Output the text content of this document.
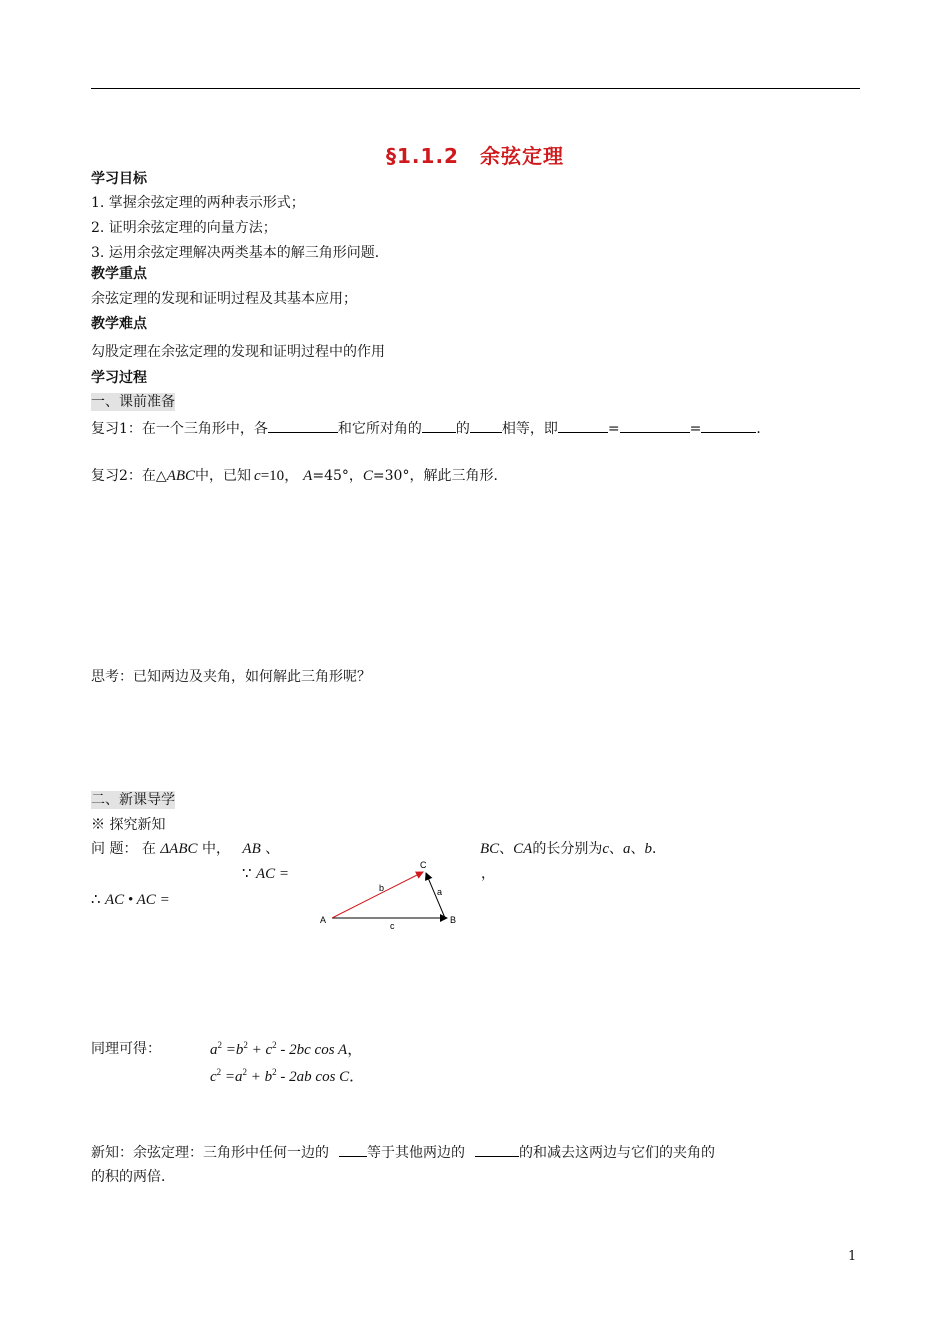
§1.1.2　余弦定理
学习目标
1. 掌握余弦定理的两种表示形式；
2. 证明余弦定理的向量方法；
3. 运用余弦定理解决两类基本的解三角形问题．
教学重点
余弦定理的发现和证明过程及其基本应用；
教学难点
勾股定理在余弦定理的发现和证明过程中的作用
学习过程
一、课前准备
复习1：在一个三角形中，各	和它所对角的 的 相等，即	=	=	．
复习2：在△ABC中，已知 c=10， A=45°，C=30°，解此三角形．
思考：已知两边及夹角，如何解此三角形呢？
二、新课导学
※ 探究新知
问 题： 在 ΔABC 中， AB 、	BC、CA的长分别为c、a、b．
∵ AC =	，
∴ AC • AC =
A	B
C
b	a
c
同理可得：	$a^2 =b^2 + c^2 - 2bc$ cos A，
$c^2 =a^2 + b^2 - 2ab$ cos C．
新知：余弦定理：三角形中任何一边的	等于其他两边的	的和减去这两边与它们的夹角的
的积的两倍．
1
